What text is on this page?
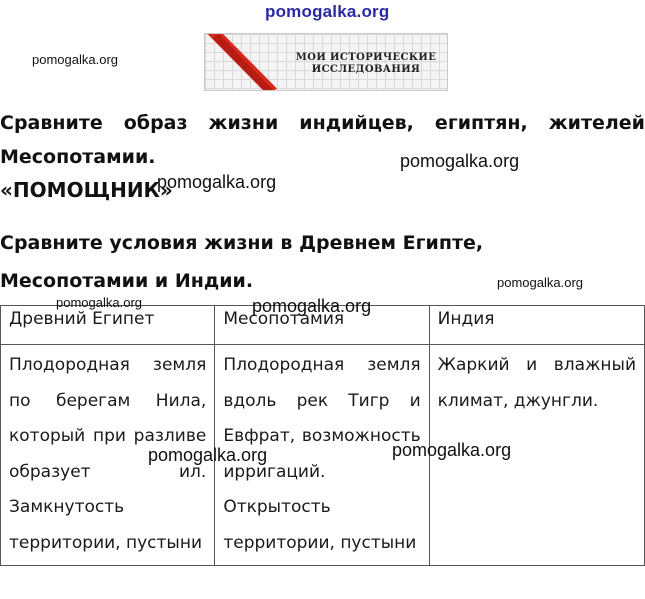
pomogalka.org
pomogalka.org	МОИ ИСТОРИЧЕСКИЕ
ИССЛЕДОВАНИЯ
Сравните образ жизни индийцев, египтян, жителей Месопотамии.	pomogalka.org
«ПОМОЩНИК»
pomogalka.org
Сравните условия жизни в Древнем Египте, Месопотамии и Индии.	pomogalka.org
Древний Египет	Месопотамия	Индия
Плодородная земля по берегам Нила, который при разливе образует ил. Замкнутость территории, пустыни	Плодородная земля вдоль рек Тигр и Евфрат, возможность ирригаций. Открытость территории, пустыни	Жаркий и влажный климат, джунгли.
pomogalka.org	pomogalka.org
pomogalka.org	pomogalka.org
